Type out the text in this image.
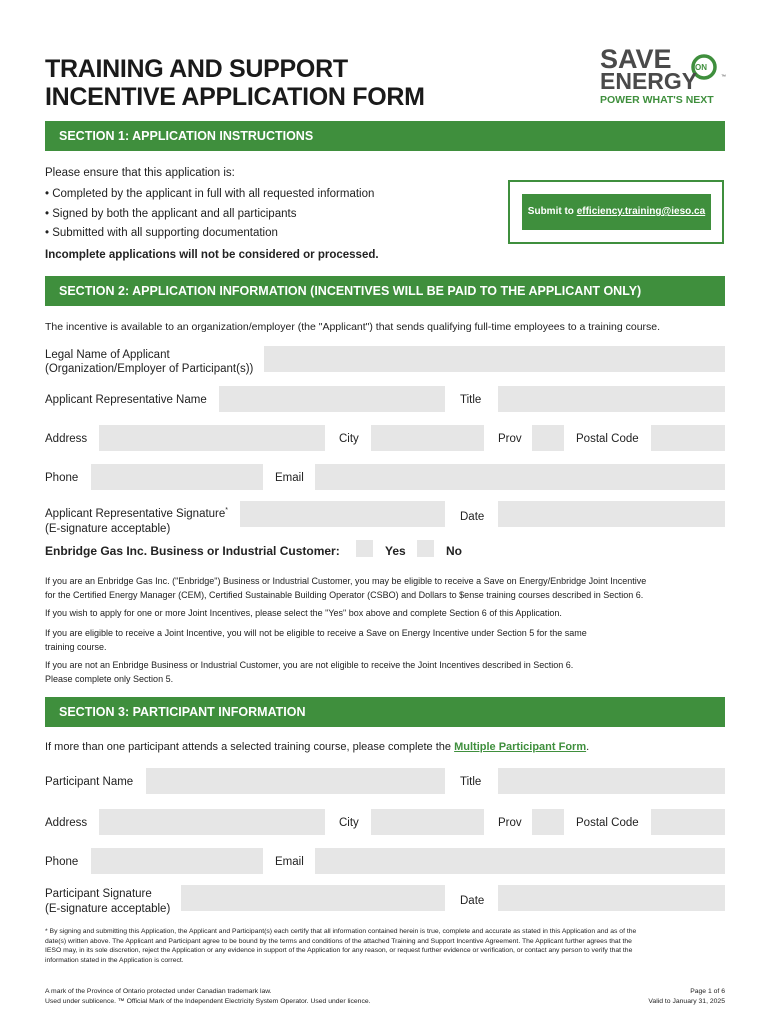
TRAINING AND SUPPORT
INCENTIVE APPLICATION FORM
SAVE	ON
ENERGY	™
POWER WHAT'S NEXT
SECTION 1: APPLICATION INSTRUCTIONS
Please ensure that this application is:
• Completed by the applicant in full with all requested information
• Signed by both the applicant and all participants
• Submitted with all supporting documentation
Incomplete applications will not be considered or processed.
Submit to efficiency.training@ieso.ca
SECTION 2: APPLICATION INFORMATION (INCENTIVES WILL BE PAID TO THE APPLICANT ONLY)
The incentive is available to an organization/employer (the "Applicant") that sends qualifying full-time employees to a training course.
Legal Name of Applicant
(Organization/Employer of Participant(s))
Applicant Representative Name	Title
Address	City	Prov	Postal Code
Phone	Email
Applicant Representative Signature*
(E-signature acceptable)
Date
Enbridge Gas Inc. Business or Industrial Customer:	Yes	No
If you are an Enbridge Gas Inc. ("Enbridge") Business or Industrial Customer, you may be eligible to receive a Save on Energy/Enbridge Joint Incentive
for the Certified Energy Manager (CEM), Certified Sustainable Building Operator (CSBO) and Dollars to $ense training courses described in Section 6.
If you wish to apply for one or more Joint Incentives, please select the "Yes" box above and complete Section 6 of this Application.
If you are eligible to receive a Joint Incentive, you will not be eligible to receive a Save on Energy Incentive under Section 5 for the same
training course.
If you are not an Enbridge Business or Industrial Customer, you are not eligible to receive the Joint Incentives described in Section 6.
Please complete only Section 5.
SECTION 3: PARTICIPANT INFORMATION
If more than one participant attends a selected training course, please complete the Multiple Participant Form.
Participant Name	Title
Address	City	Prov	Postal Code
Phone	Email
Participant Signature
(E-signature acceptable)
Date
* By signing and submitting this Application, the Applicant and Participant(s) each certify that all information contained herein is true, complete and accurate as stated in this Application and as of the
date(s) written above. The Applicant and Participant agree to be bound by the terms and conditions of the attached Training and Support Incentive Agreement. The Applicant further agrees that the
IESO may, in its sole discretion, reject the Application or any evidence in support of the Application for any reason, or request further evidence or verification, or contact any person to verify that the
information stated in the Application is correct.
A mark of the Province of Ontario protected under Canadian trademark law.
Used under sublicence. ™ Official Mark of the Independent Electricity System Operator. Used under licence.
Page 1 of 6
Valid to January 31, 2025
